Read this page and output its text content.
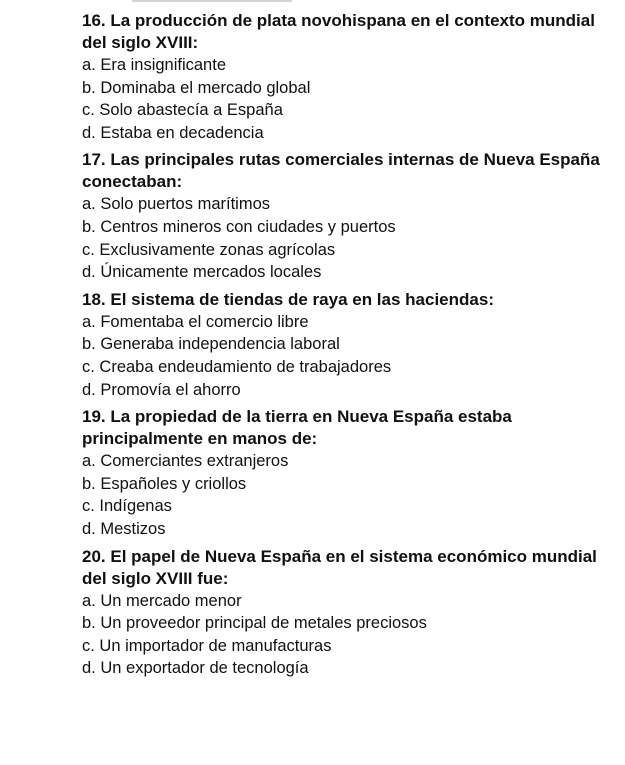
16. La producción de plata novohispana en el contexto mundial del siglo XVIII:

a. Era insignificante

b. Dominaba el mercado global

c. Solo abastecía a España

d. Estaba en decadencia

17. Las principales rutas comerciales internas de Nueva España conectaban:

a. Solo puertos marítimos

b. Centros mineros con ciudades y puertos

c. Exclusivamente zonas agrícolas

d. Únicamente mercados locales

18. El sistema de tiendas de raya en las haciendas:

a. Fomentaba el comercio libre

b. Generaba independencia laboral

c. Creaba endeudamiento de trabajadores

d. Promovía el ahorro

19. La propiedad de la tierra en Nueva España estaba principalmente en manos de:

a. Comerciantes extranjeros

b. Españoles y criollos

c. Indígenas

d. Mestizos

20. El papel de Nueva España en el sistema económico mundial del siglo XVIII fue:

a. Un mercado menor

b. Un proveedor principal de metales preciosos

c. Un importador de manufacturas

d. Un exportador de tecnología
